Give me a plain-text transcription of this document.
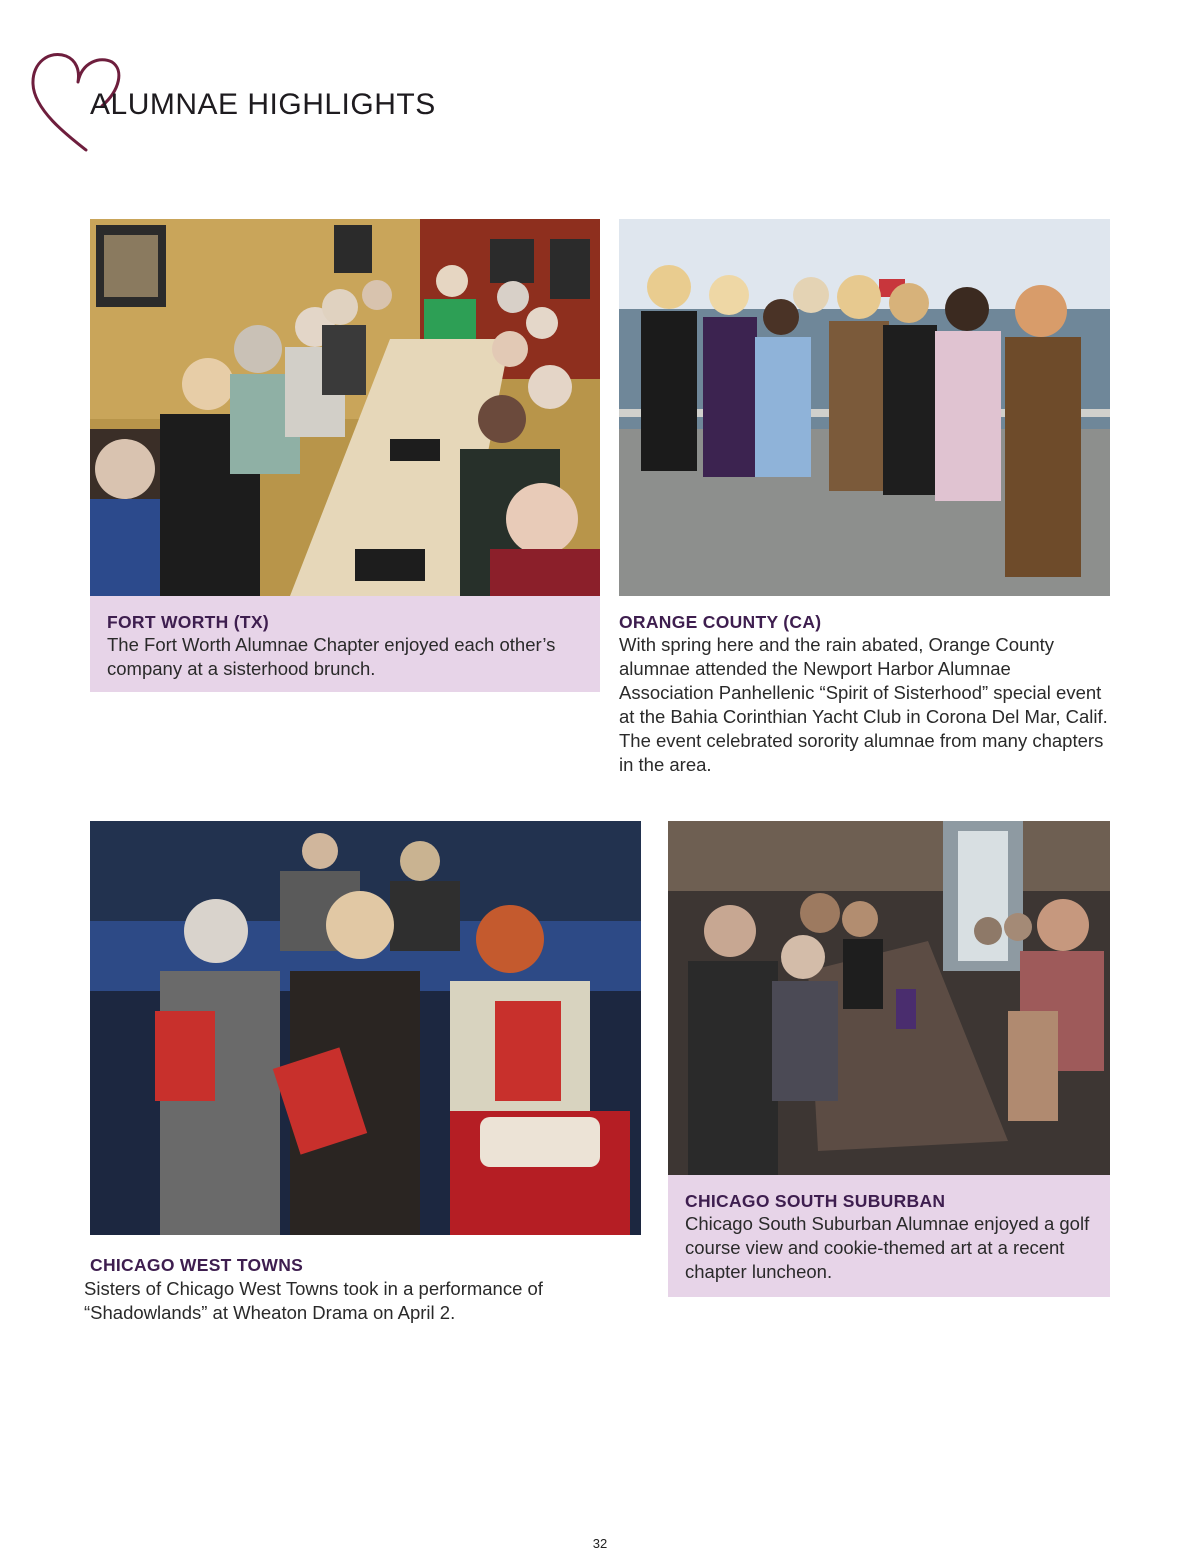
ALUMNAE HIGHLIGHTS
FORT WORTH (TX)
The Fort Worth Alumnae Chapter enjoyed each other’s company at a sisterhood brunch.
ORANGE COUNTY (CA)
With spring here and the rain abated, Orange County alumnae attended the Newport Harbor Alumnae Association Panhellenic “Spirit of Sisterhood” special event at the Bahia Corinthian Yacht Club in Corona Del Mar, Calif. The event celebrated sorority alumnae from many chapters in the area.
CHICAGO WEST TOWNS
Sisters of Chicago West Towns took in a performance of “Shadowlands” at Wheaton Drama on April 2.
CHICAGO SOUTH SUBURBAN
Chicago South Suburban Alumnae enjoyed a golf course view and cookie-themed art at a recent chapter luncheon.
32
